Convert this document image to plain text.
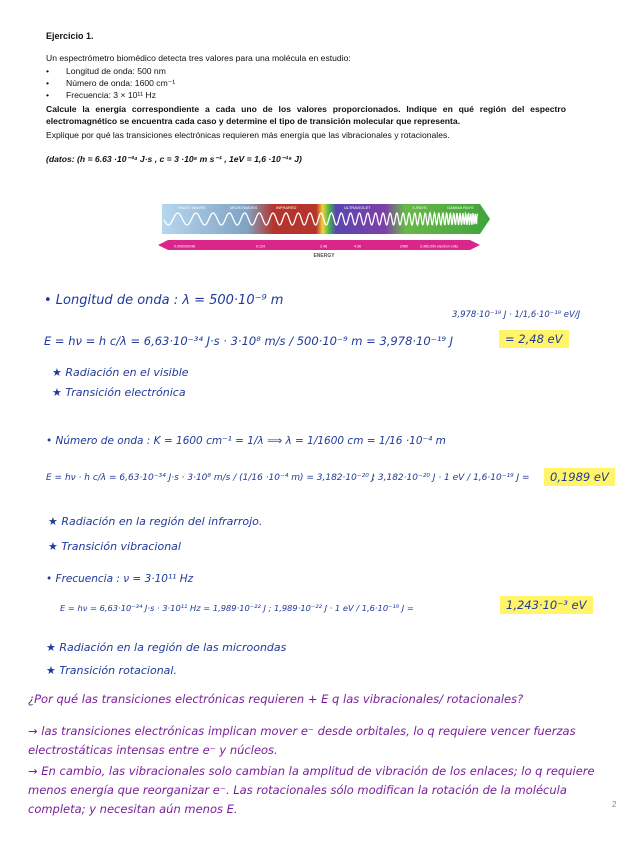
Ejercicio 1.

Un espectrómetro biomédico detecta tres valores para una molécula en estudio:

• Longitud de onda: 500 nm
• Número de onda: 1600 cm⁻¹
• Frecuencia: 3 × 10¹¹ Hz

Calcule la energía correspondiente a cada uno de los valores proporcionados. Indique en qué región del espectro electromagnético se encuentra cada caso y determine el tipo de transición molecular que representa.

Explique por qué las transiciones electrónicas requieren más energía que las vibracionales y rotacionales.

(datos: (h = 6.63 ·10⁻³⁴ J·s , c = 3 ·10⁸ m s⁻¹ , 1eV = 1,6 ·10⁻¹⁹ J)
RADIO WAVES	MICROWAVES	INFRARED	ULTRAVIOLET	X-RAYS	GAMMA RAYS
0.000000248	0.124	2.48	4.96	2480	2,480,000 electron volts
ENERGY
• Longitud de onda : λ = 500·10⁻⁹ m
3,978·10⁻¹⁹ J · 1/1,6·10⁻¹⁹ eV/J
E = hν = h c/λ = 6,63·10⁻³⁴ J·s · 3·10⁸ m/s / 500·10⁻⁹ m = 3,978·10⁻¹⁹ J	= 2,48 eV
★ Radiación en el visible
★ Transición electrónica
• Número de onda : K = 1600 cm⁻¹ = 1/λ ⟹ λ = 1/1600 cm = 1/16 ·10⁻⁴ m
E = hν · h c/λ = 6,63·10⁻³⁴ J·s · 3·10⁸ m/s / (1/16 ·10⁻⁴ m) = 3,182·10⁻²⁰ J
; 3,182·10⁻²⁰ J · 1 eV / 1,6·10⁻¹⁹ J =	0,1989 eV
★ Radiación en la región del infrarrojo.
★ Transición vibracional
• Frecuencia : ν = 3·10¹¹ Hz
E = hν = 6,63·10⁻³⁴ J·s · 3·10¹¹ Hz = 1,989·10⁻²² J ; 1,989·10⁻²² J · 1 eV / 1,6·10⁻¹⁹ J =	1,243·10⁻³ eV
★ Radiación en la región de las microondas
★ Transición rotacional.
¿Por qué las transiciones electrónicas requieren + E q las vibracionales/ rotacionales?
→ las transiciones electrónicas implican mover e⁻ desde orbitales, lo q requiere vencer fuerzas electrostáticas intensas entre e⁻ y núcleos.
→ En cambio, las vibracionales solo cambian la amplitud de vibración de los enlaces; lo q requiere menos energía que reorganizar e⁻. Las rotacionales sólo modifican la rotación de la molécula completa; y necesitan aún menos E.	2
